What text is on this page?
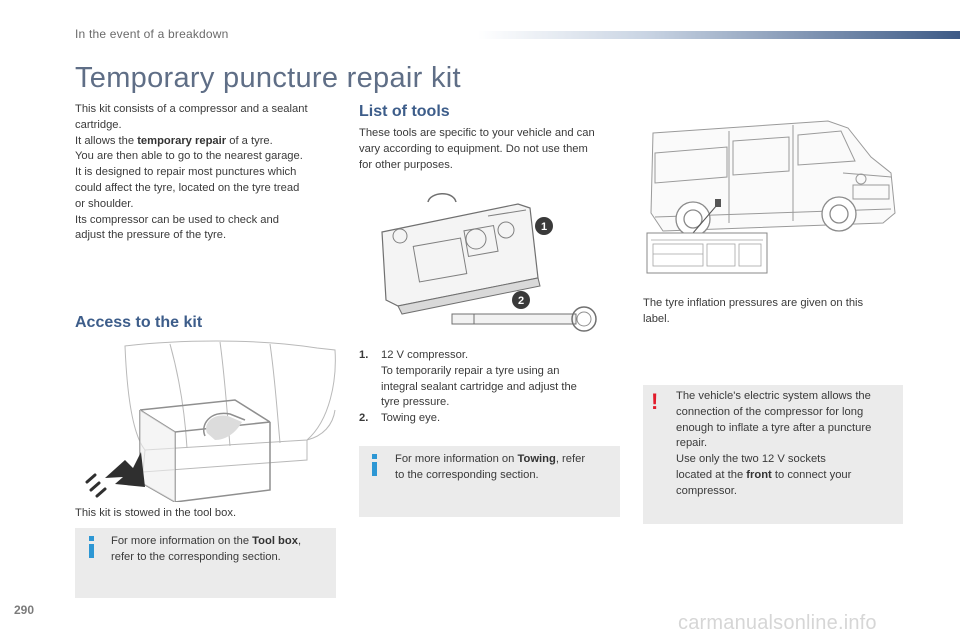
In the event of a breakdown
Temporary puncture repair kit
This kit consists of a compressor and a sealant
cartridge.
It allows the temporary repair of a tyre.
You are then able to go to the nearest garage.
It is designed to repair most punctures which
could affect the tyre, located on the tyre tread
or shoulder.
Its compressor can be used to check and
adjust the pressure of the tyre.
Access to the kit
This kit is stowed in the tool box.
For more information on the Tool box,
refer to the corresponding section.
List of tools
These tools are specific to your vehicle and can
vary according to equipment. Do not use them
for other purposes.
1
2
1. 12 V compressor.
To temporarily repair a tyre using an
integral sealant cartridge and adjust the
tyre pressure.
2. Towing eye.
For more information on Towing, refer
to the corresponding section.
The tyre inflation pressures are given on this
label.
! The vehicle's electric system allows the
connection of the compressor for long
enough to inflate a tyre after a puncture
repair.
Use only the two 12 V sockets
located at the front to connect your
compressor.
290
carmanualsonline.info
